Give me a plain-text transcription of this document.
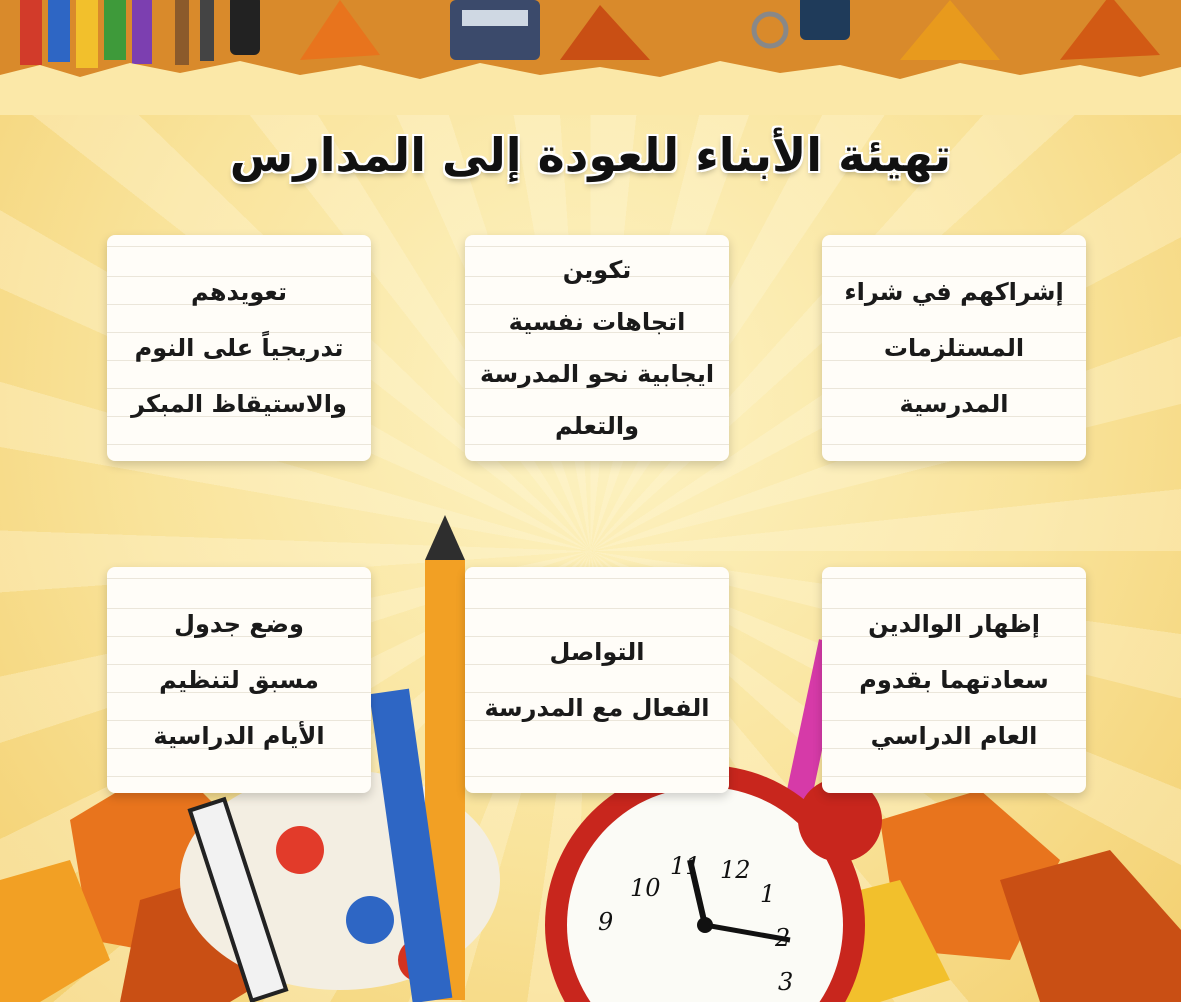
12
1
2
3
9
10
11
تهيئة الأبناء للعودة إلى المدارس
إشراكهم في شراء
المستلزمات
المدرسية
تكوين
اتجاهات نفسية
ايجابية نحو المدرسة
والتعلم
تعويدهم
تدريجياً على النوم
والاستيقاظ المبكر
إظهار الوالدين
سعادتهما بقدوم
العام الدراسي
التواصل
الفعال مع المدرسة
وضع جدول
مسبق لتنظيم
الأيام الدراسية
